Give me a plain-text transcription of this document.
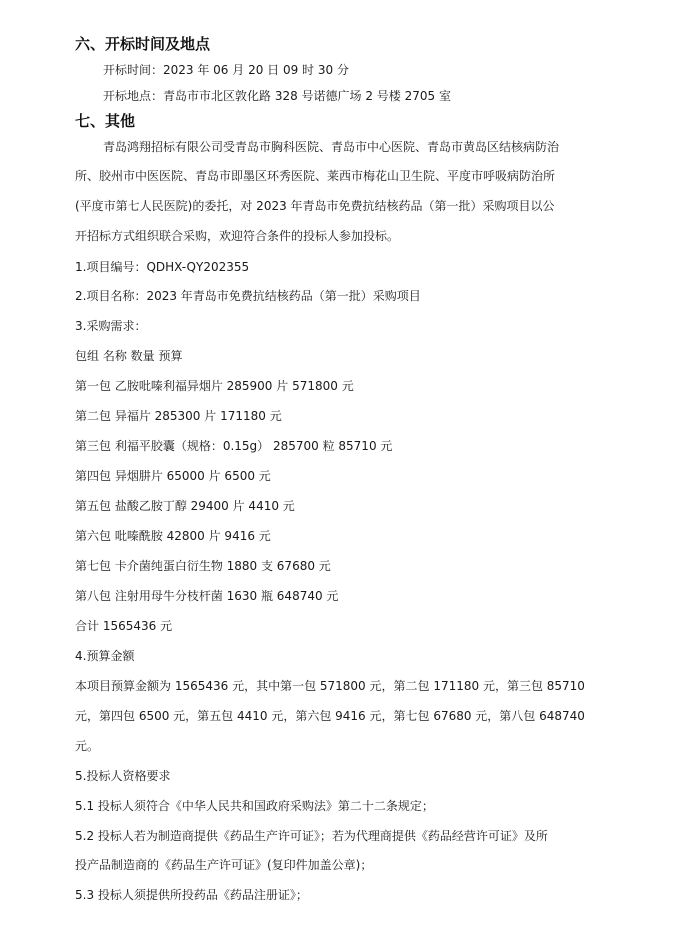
六、开标时间及地点
开标时间：2023 年 06 月 20 日 09 时 30 分
开标地点：青岛市市北区敦化路 328 号诺德广场 2 号楼 2705 室
七、其他
青岛鸿翔招标有限公司受青岛市胸科医院、青岛市中心医院、青岛市黄岛区结核病防治
所、胶州市中医医院、青岛市即墨区环秀医院、莱西市梅花山卫生院、平度市呼吸病防治所
(平度市第七人民医院)的委托，对 2023 年青岛市免费抗结核药品（第一批）采购项目以公
开招标方式组织联合采购，欢迎符合条件的投标人参加投标。
1.项目编号：QDHX-QY202355
2.项目名称：2023 年青岛市免费抗结核药品（第一批）采购项目
3.采购需求：
包组 名称 数量 预算
第一包 乙胺吡嗪利福异烟片 285900 片 571800 元
第二包 异福片 285300 片 171180 元
第三包 利福平胶囊（规格：0.15g） 285700 粒 85710 元
第四包 异烟肼片 65000 片 6500 元
第五包 盐酸乙胺丁醇 29400 片 4410 元
第六包 吡嗪酰胺 42800 片 9416 元
第七包 卡介菌纯蛋白衍生物 1880 支 67680 元
第八包 注射用母牛分枝杆菌 1630 瓶 648740 元
合计 1565436 元
4.预算金额
本项目预算金额为 1565436 元，其中第一包 571800 元，第二包 171180 元，第三包 85710
元，第四包 6500 元，第五包 4410 元，第六包 9416 元，第七包 67680 元，第八包 648740
元。
5.投标人资格要求
5.1 投标人须符合《中华人民共和国政府采购法》第二十二条规定；
5.2 投标人若为制造商提供《药品生产许可证》；若为代理商提供《药品经营许可证》及所
投产品制造商的《药品生产许可证》(复印件加盖公章)；
5.3 投标人须提供所投药品《药品注册证》；
